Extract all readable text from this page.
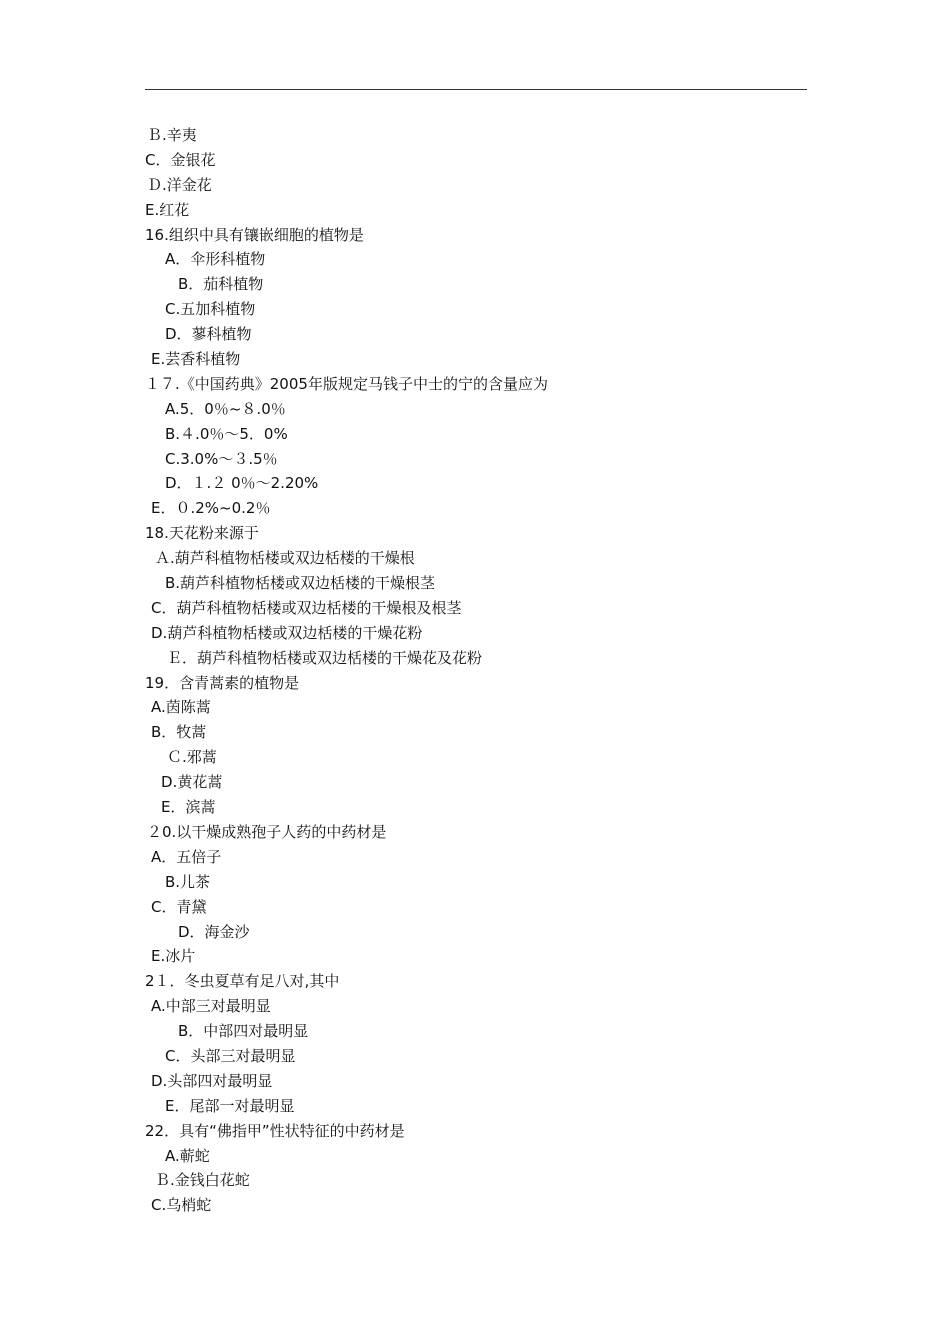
Ｂ.辛夷
C．金银花
Ｄ.洋金花
E.红花
16.组织中具有镶嵌细胞的植物是
A．伞形科植物
B．茄科植物
C.五加科植物
D．蓼科植物
E.芸香科植物
１７.《中国药典》2005年版规定马钱子中士的宁的含量应为
A.5．0％~８.0％
B.４.0％～5．0%
C.3.0%～３.5％
D．１.２ 0％～2.20%
E．０.2%~0.2％
18.天花粉来源于
Ａ.葫芦科植物栝楼或双边栝楼的干燥根
B.葫芦科植物栝楼或双边栝楼的干燥根茎
C．葫芦科植物栝楼或双边栝楼的干燥根及根茎
D.葫芦科植物栝楼或双边栝楼的干燥花粉
Ｅ．葫芦科植物栝楼或双边栝楼的干燥花及花粉
19．含青蒿素的植物是
A.茵陈蒿
B．牧蒿
Ｃ.邪蒿
D.黄花蒿
E．滨蒿
２0.以干燥成熟孢子人药的中药材是
A．五倍子
B.儿茶
C．青黛
D．海金沙
E.冰片
2１．冬虫夏草有足八对,其中
A.中部三对最明显
B．中部四对最明显
C．头部三对最明显
D.头部四对最明显
E．尾部一对最明显
22．具有“佛指甲”性状特征的中药材是
A.蕲蛇
Ｂ.金钱白花蛇
C.乌梢蛇
